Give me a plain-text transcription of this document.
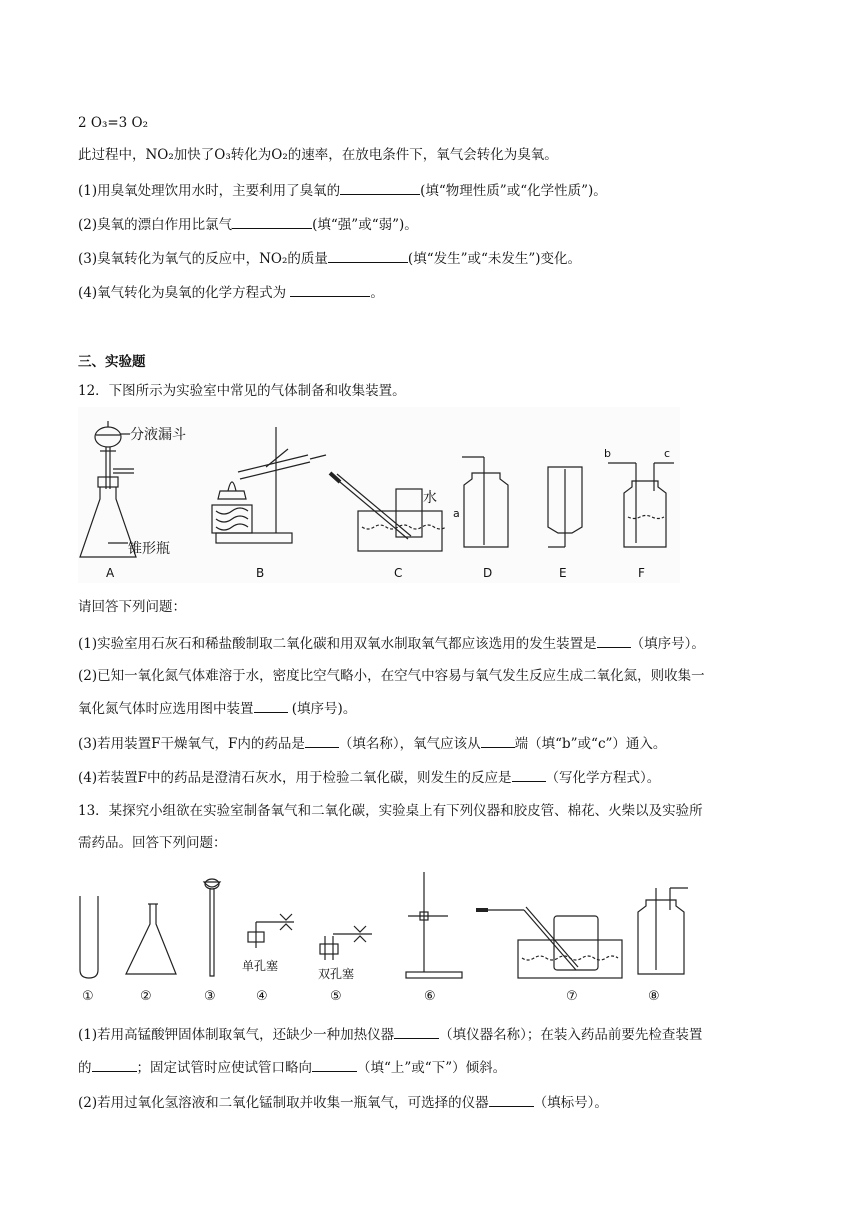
2 O₃=3 O₂
此过程中，NO₂加快了O₃转化为O₂的速率，在放电条件下，氧气会转化为臭氧。
(1)用臭氧处理饮用水时，主要利用了臭氧的	(填“物理性质”或“化学性质”)。
(2)臭氧的漂白作用比氯气	(填“强”或“弱”)。
(3)臭氧转化为氧气的反应中，NO₂的质量	(填“发生”或“未发生”)变化。
(4)氧气转化为臭氧的化学方程式为	。
三、实验题
12．下图所示为实验室中常见的气体制备和收集装置。
分液漏斗
锥形瓶
A	B
水
C
a
D	E
b	c
F
请回答下列问题：
(1)实验室用石灰石和稀盐酸制取二氧化碳和用双氧水制取氧气都应该选用的发生装置是	（填序号）。
(2)已知一氧化氮气体难溶于水，密度比空气略小，在空气中容易与氧气发生反应生成二氧化氮，则收集一
氧化氮气体时应选用图中装置	(填序号)。
(3)若用装置F干燥氧气，F内的药品是	（填名称），氧气应该从	端（填“b”或“c”）通入。
(4)若装置F中的药品是澄清石灰水，用于检验二氧化碳，则发生的反应是	（写化学方程式）。
13．某探究小组欲在实验室制备氧气和二氧化碳，实验桌上有下列仪器和胶皮管、棉花、火柴以及实验所
需药品。回答下列问题：
①	②	③
单孔塞
④
双孔塞
⑤	⑥	⑦	⑧
(1)若用高锰酸钾固体制取氧气，还缺少一种加热仪器	（填仪器名称）；在装入药品前要先检查装置
的	；固定试管时应使试管口略向	（填“上”或“下”）倾斜。
(2)若用过氧化氢溶液和二氧化锰制取并收集一瓶氧气，可选择的仪器	（填标号）。
